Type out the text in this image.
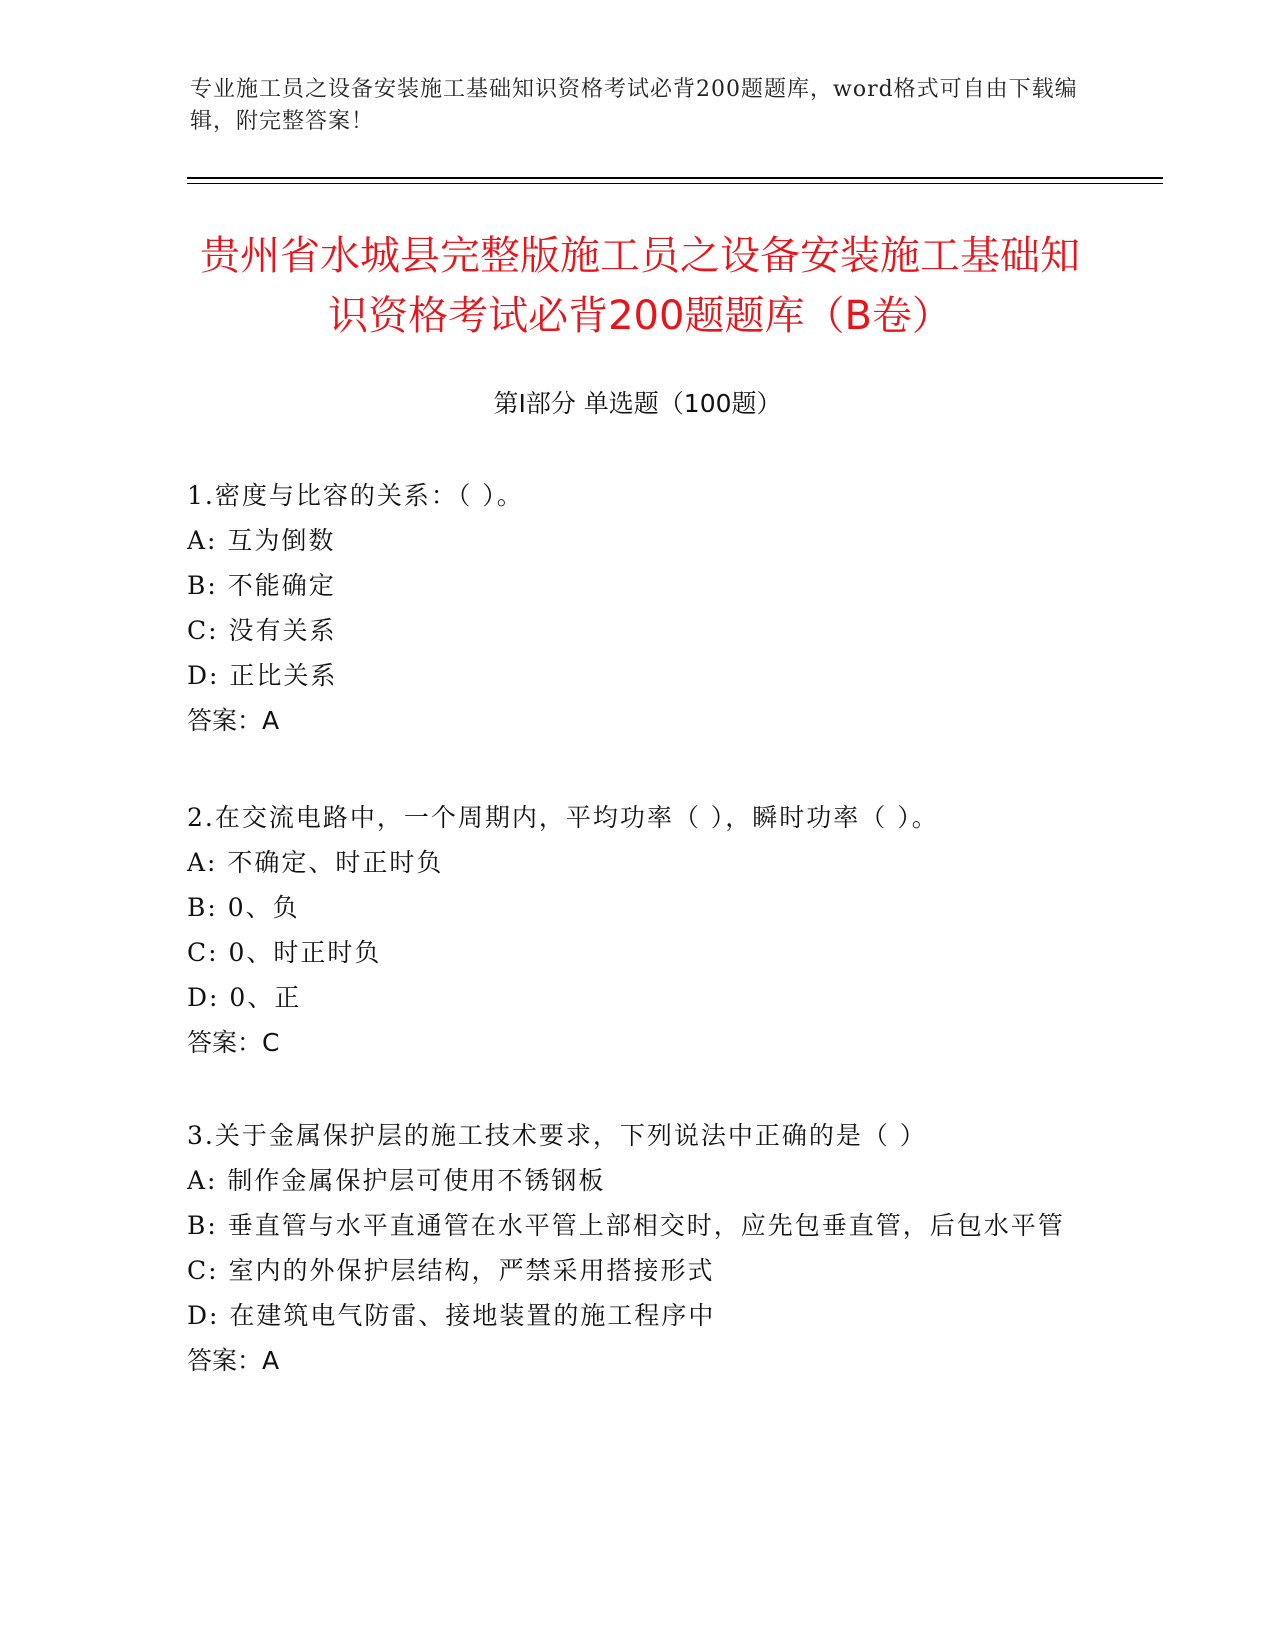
专业施工员之设备安装施工基础知识资格考试必背200题题库，word格式可自由下载编辑，附完整答案！
贵州省水城县完整版施工员之设备安装施工基础知识资格考试必背200题题库（B卷）
第I部分 单选题（100题）
1.密度与比容的关系：（ ）。
A: 互为倒数
B: 不能确定
C: 没有关系
D: 正比关系
答案：A
2.在交流电路中，一个周期内，平均功率（ ），瞬时功率（ ）。
A: 不确定、时正时负
B: 0、负
C: 0、时正时负
D: 0、正
答案：C
3.关于金属保护层的施工技术要求，下列说法中正确的是（ ）
A: 制作金属保护层可使用不锈钢板
B: 垂直管与水平直通管在水平管上部相交时，应先包垂直管，后包水平管
C: 室内的外保护层结构，严禁采用搭接形式
D: 在建筑电气防雷、接地装置的施工程序中
答案：A
